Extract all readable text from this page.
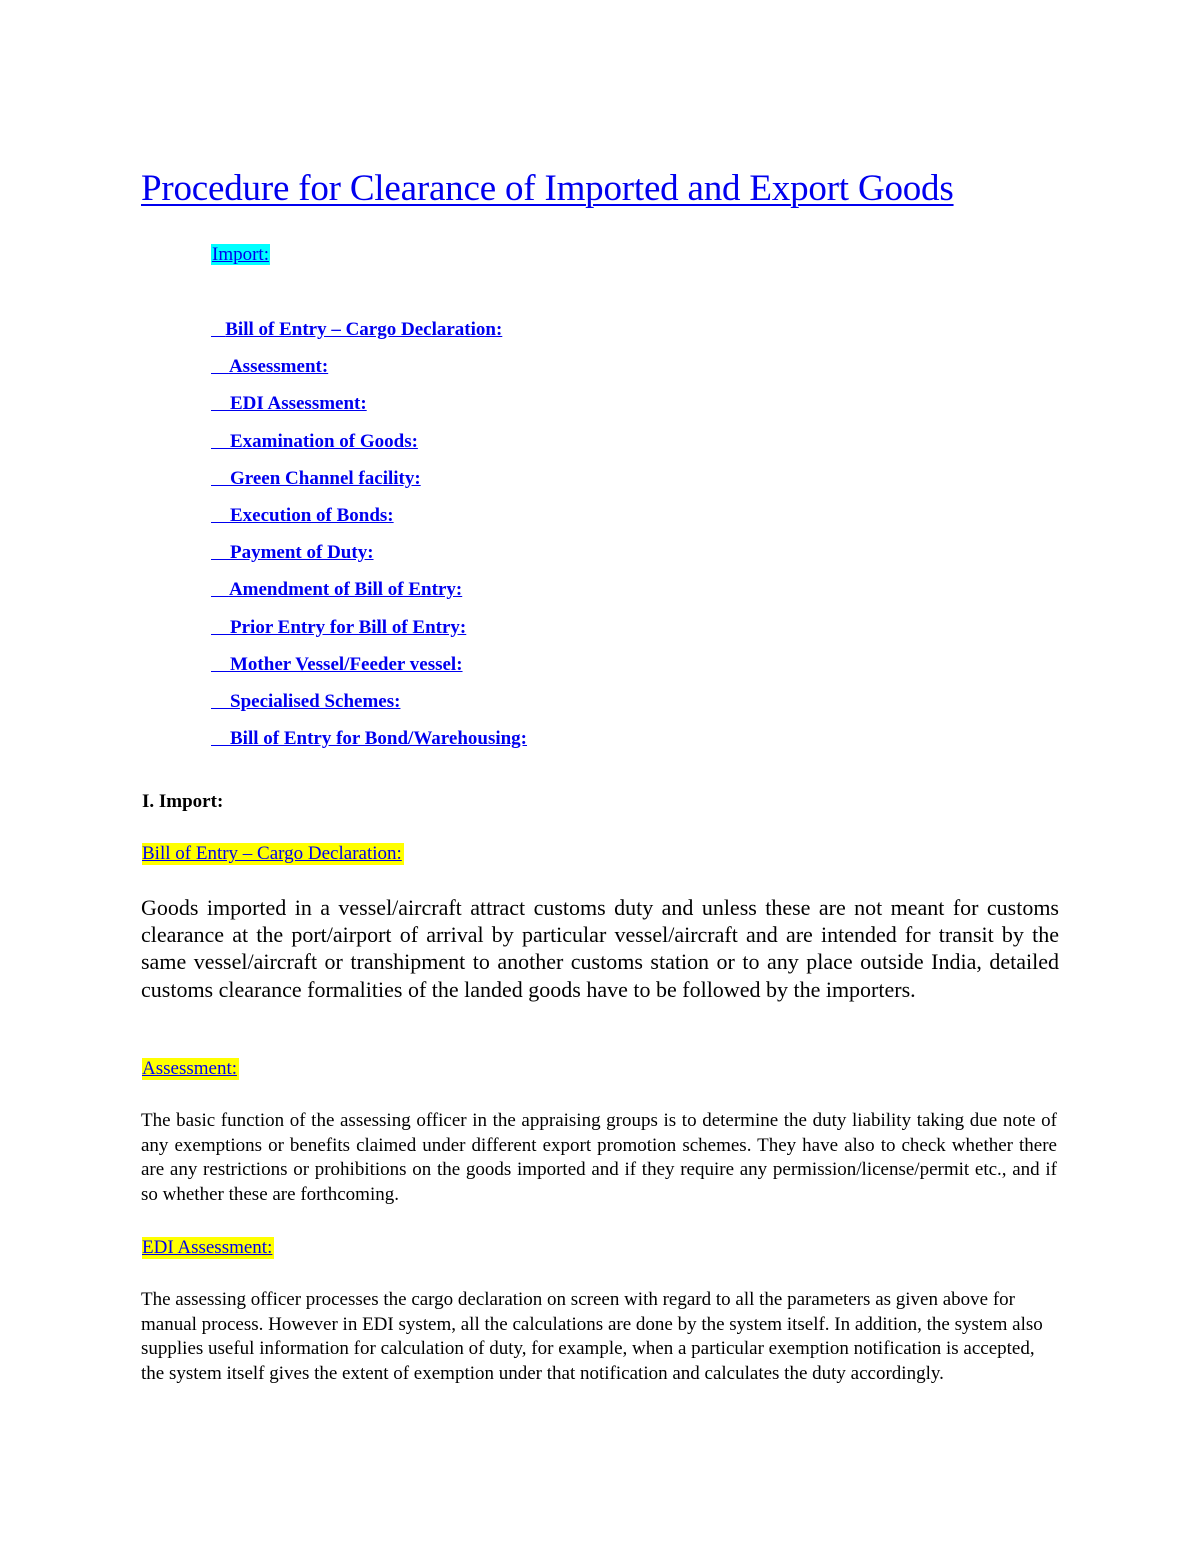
Procedure for Clearance of Imported and Export Goods
Import:
Bill of Entry – Cargo Declaration:
Assessment:
EDI Assessment:
Examination of Goods:
Green Channel facility:
Execution of Bonds:
Payment of Duty:
Amendment of Bill of Entry:
Prior Entry for Bill of Entry:
Mother Vessel/Feeder vessel:
Specialised Schemes:
Bill of Entry for Bond/Warehousing:
I. Import:
Bill of Entry – Cargo Declaration:

Goods imported in a vessel/aircraft attract customs duty and unless these are not meant for customs clearance at the port/airport of arrival by particular vessel/aircraft and are intended for transit by the same vessel/aircraft or transhipment to another customs station or to any place outside India, detailed customs clearance formalities of the landed goods have to be followed by the importers.

Assessment:

The basic function of the assessing officer in the appraising groups is to determine the duty liability taking due note of any exemptions or benefits claimed under different export promotion schemes. They have also to check whether there are any restrictions or prohibitions on the goods imported and if they require any permission/license/permit etc., and if so whether these are forthcoming.

EDI Assessment:

The assessing officer processes the cargo declaration on screen with regard to all the parameters as given above for manual process. However in EDI system, all the calculations are done by the system itself. In addition, the system also supplies useful information for calculation of duty, for example, when a particular exemption notification is accepted, the system itself gives the extent of exemption under that notification and calculates the duty accordingly.
